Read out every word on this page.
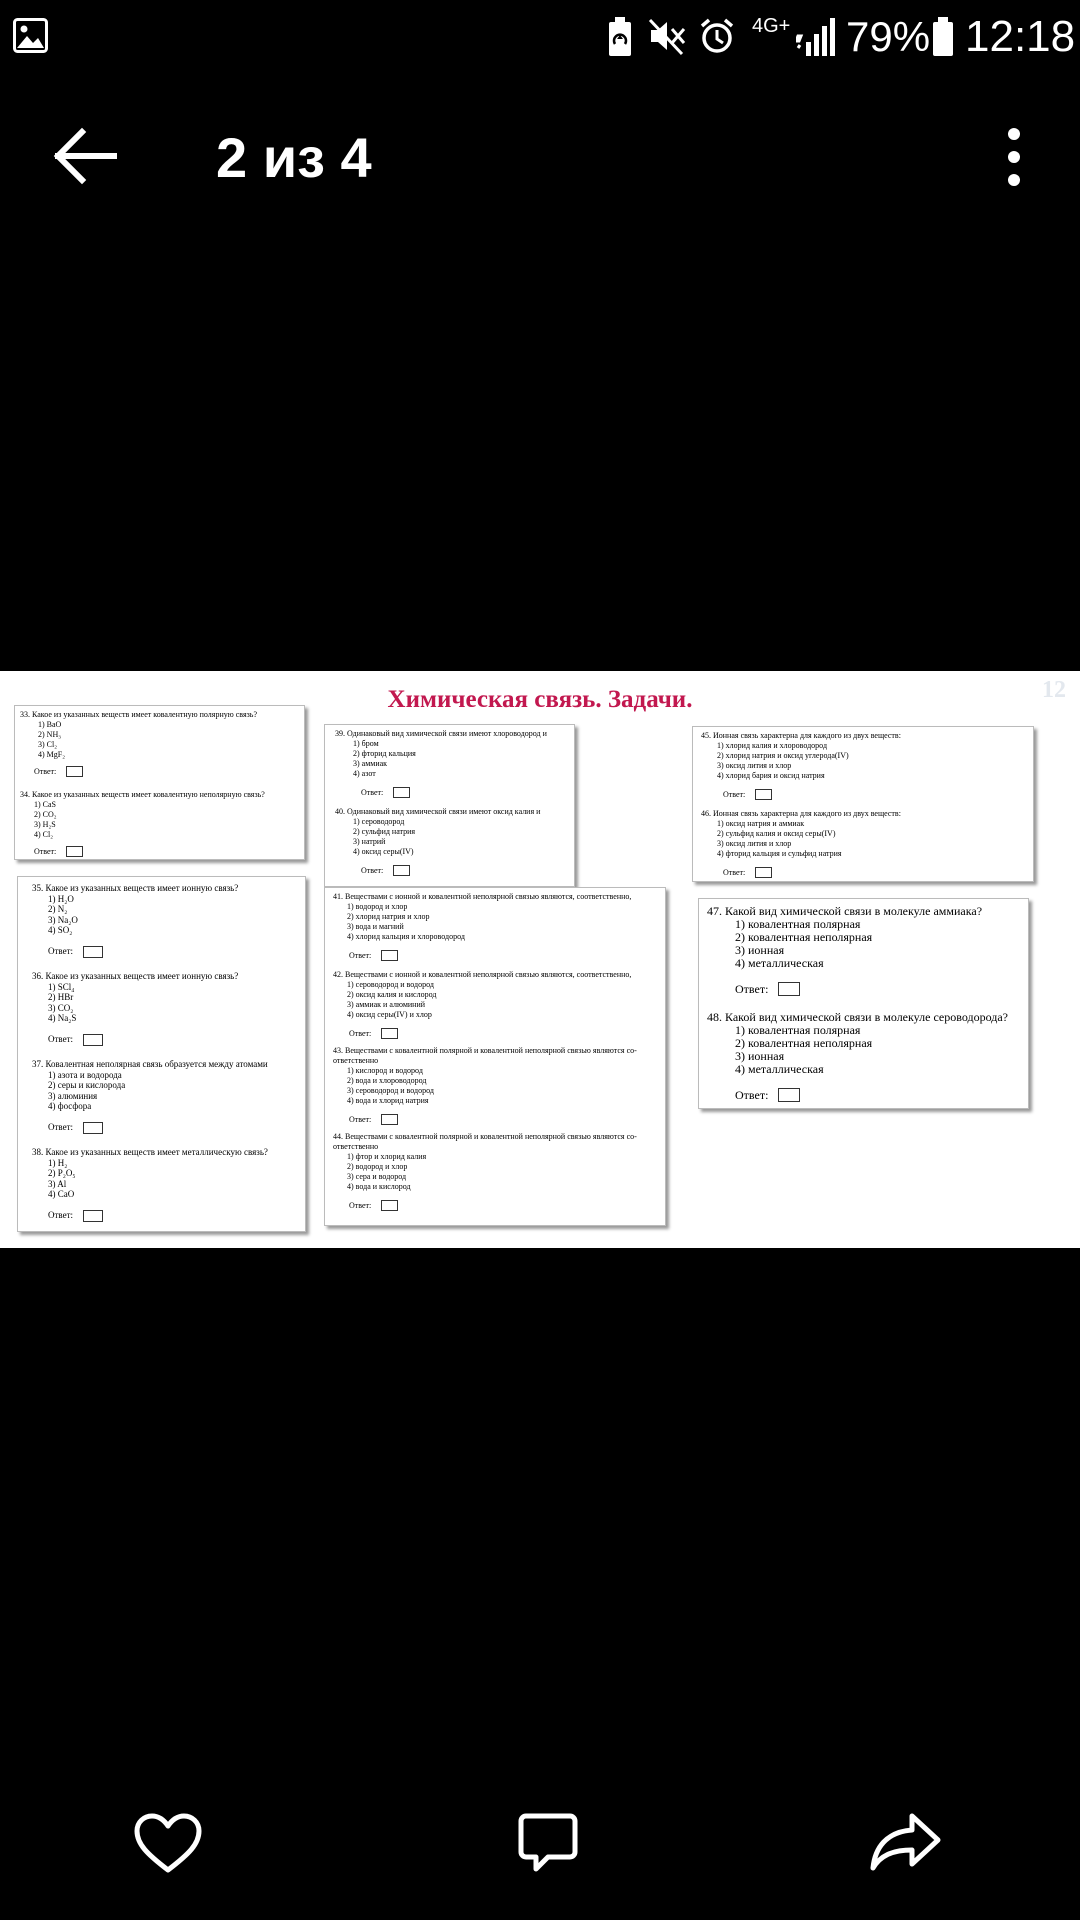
4G+ 79% 12:18
2 из 4
Химическая связь. Задачи.	12
33. Какое из указанных веществ имеет ковалентную полярную связь?
1) BaO
2) NH₃
3) Cl₂
4) MgF₂
Ответ:
34. Какое из указанных веществ имеет ковалентную неполярную связь?
1) CaS
2) CO₂
3) H₂S
4) Cl₂
Ответ:
35. Какое из указанных веществ имеет ионную связь?
1) H₂O
2) N₂
3) Na₂O
4) SO₂
Ответ:
36. Какое из указанных веществ имеет ионную связь?
1) SCl₄
2) HBr
3) CO₂
4) Na₂S
Ответ:
37. Ковалентная неполярная связь образуется между атомами
1) азота и водорода
2) серы и кислорода
3) алюминия
4) фосфора
Ответ:
38. Какое из указанных веществ имеет металлическую связь?
1) H₂
2) P₂O₅
3) Al
4) CaO
Ответ:
39. Одинаковый вид химической связи имеют хлороводород и
1) бром
2) фторид кальция
3) аммиак
4) азот
Ответ:
40. Одинаковый вид химической связи имеют оксид калия и
1) сероводород
2) сульфид натрия
3) натрий
4) оксид серы(IV)
Ответ:
41. Веществами с ионной и ковалентной неполярной связью являются, соответственно,
1) водород и хлор
2) хлорид натрия и хлор
3) вода и магний
4) хлорид кальция и хлороводород
Ответ:
42. Веществами с ионной и ковалентной неполярной связью являются, соответственно,
1) сероводород и водород
2) оксид калия и кислород
3) аммиак и алюминий
4) оксид серы(IV) и хлор
Ответ:
43. Веществами с ковалентной полярной и ковалентной неполярной связью являются со-ответственно
1) кислород и водород
2) вода и хлороводород
3) сероводород и водород
4) вода и хлорид натрия
Ответ:
44. Веществами с ковалентной полярной и ковалентной неполярной связью являются со-ответственно
1) фтор и хлорид калия
2) водород и хлор
3) сера и водород
4) вода и кислород
Ответ:
45. Ионная связь характерна для каждого из двух веществ:
1) хлорид калия и хлороводород
2) хлорид натрия и оксид углерода(IV)
3) оксид лития и хлор
4) хлорид бария и оксид натрия
Ответ:
46. Ионная связь характерна для каждого из двух веществ:
1) оксид натрия и аммиак
2) сульфид калия и оксид серы(IV)
3) оксид лития и хлор
4) фторид кальция и сульфид натрия
Ответ:
47. Какой вид химической связи в молекуле аммиака?
1) ковалентная полярная
2) ковалентная неполярная
3) ионная
4) металлическая
Ответ:
48. Какой вид химической связи в молекуле сероводорода?
1) ковалентная полярная
2) ковалентная неполярная
3) ионная
4) металлическая
Ответ:
